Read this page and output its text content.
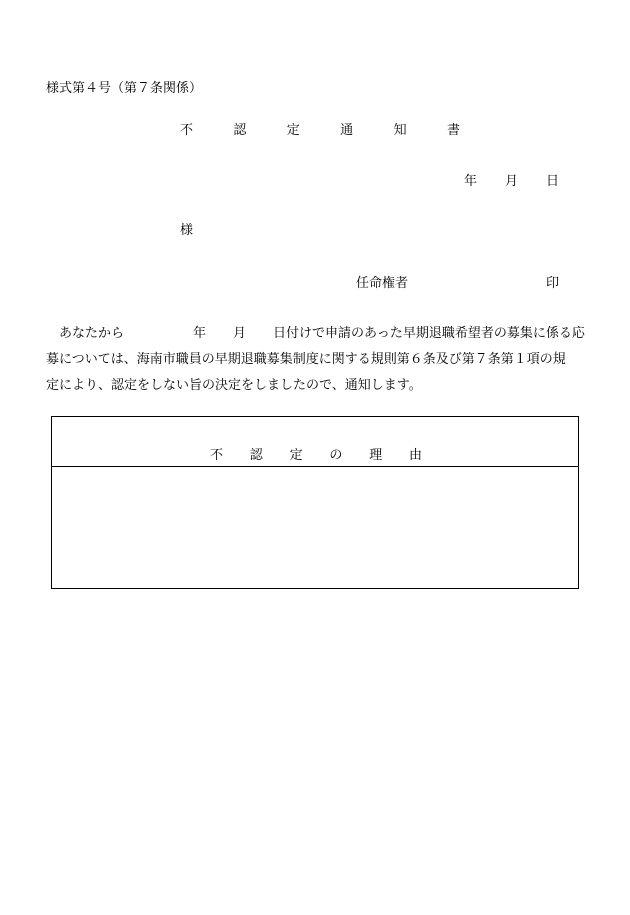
様式第４号（第７条関係）
不	認	定	通	知	書
年 月 日
様
任命権者	印
あなたから	年 月 日付けで申請のあった早期退職希望者の募集に係る応
募については、海南市職員の早期退職募集制度に関する規則第６条及び第７条第１項の規
定により、認定をしない旨の決定をしましたので、通知します。
不 認 定 の 理 由
